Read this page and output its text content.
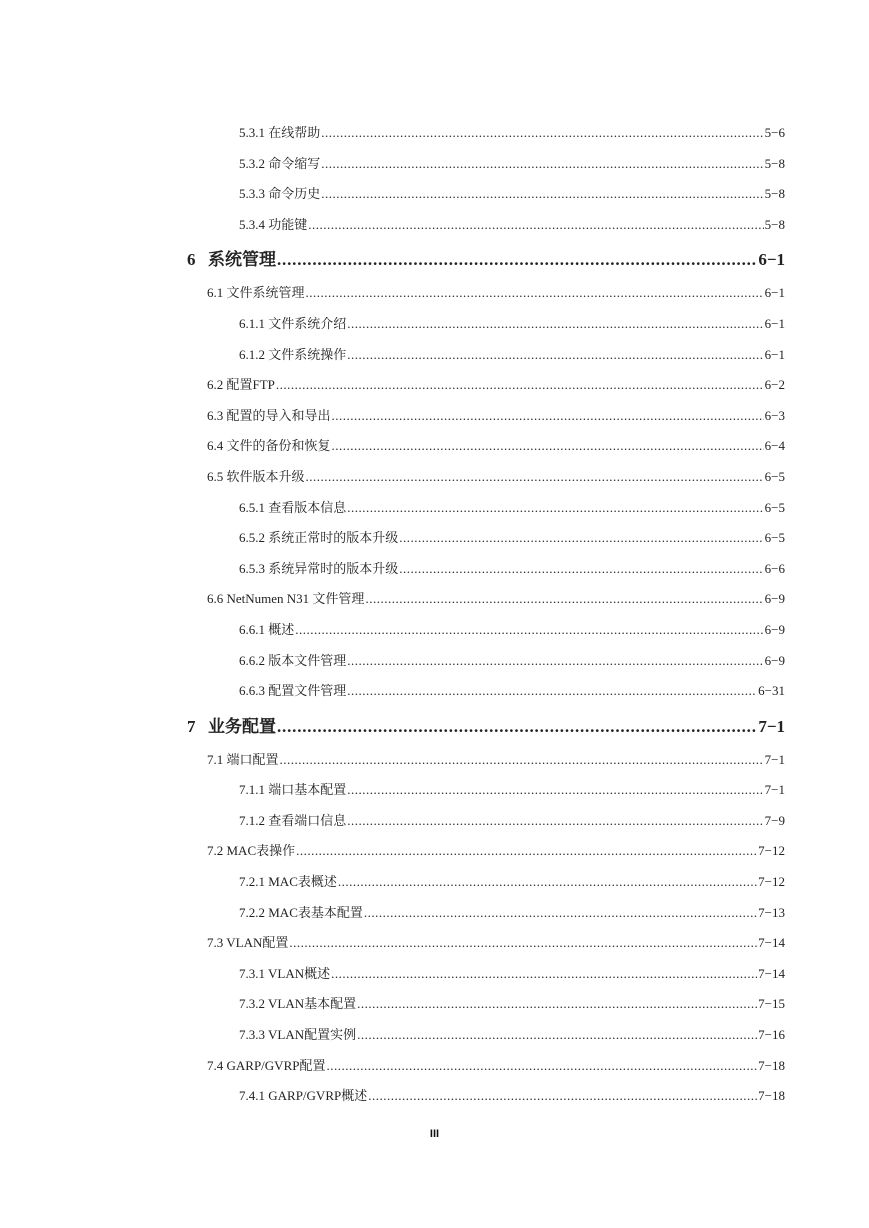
5.3.1 在线帮助 .....	5−6
5.3.2 命令缩写 .....	5−8
5.3.3 命令历史 .....	5−8
5.3.4 功能键 .....	5−8
6 系统管理 .....	6−1
6.1 文件系统管理 .....	6−1
6.1.1 文件系统介绍 .....	6−1
6.1.2 文件系统操作 .....	6−1
6.2 配置FTP .....	6−2
6.3 配置的导入和导出 .....	6−3
6.4 文件的备份和恢复 .....	6−4
6.5 软件版本升级 .....	6−5
6.5.1 查看版本信息 .....	6−5
6.5.2 系统正常时的版本升级 .....	6−5
6.5.3 系统异常时的版本升级 .....	6−6
6.6 NetNumen N31 文件管理 .....	6−9
6.6.1 概述 .....	6−9
6.6.2 版本文件管理 .....	6−9
6.6.3 配置文件管理 .....	6−31
7 业务配置 .....	7−1
7.1 端口配置 .....	7−1
7.1.1 端口基本配置 .....	7−1
7.1.2 查看端口信息 .....	7−9
7.2 MAC表操作 .....	7−12
7.2.1 MAC表概述 .....	7−12
7.2.2 MAC表基本配置 .....	7−13
7.3 VLAN配置 .....	7−14
7.3.1 VLAN概述 .....	7−14
7.3.2 VLAN基本配置 .....	7−15
7.3.3 VLAN配置实例 .....	7−16
7.4 GARP/GVRP配置 .....	7−18
7.4.1 GARP/GVRP概述 .....	7−18
III
